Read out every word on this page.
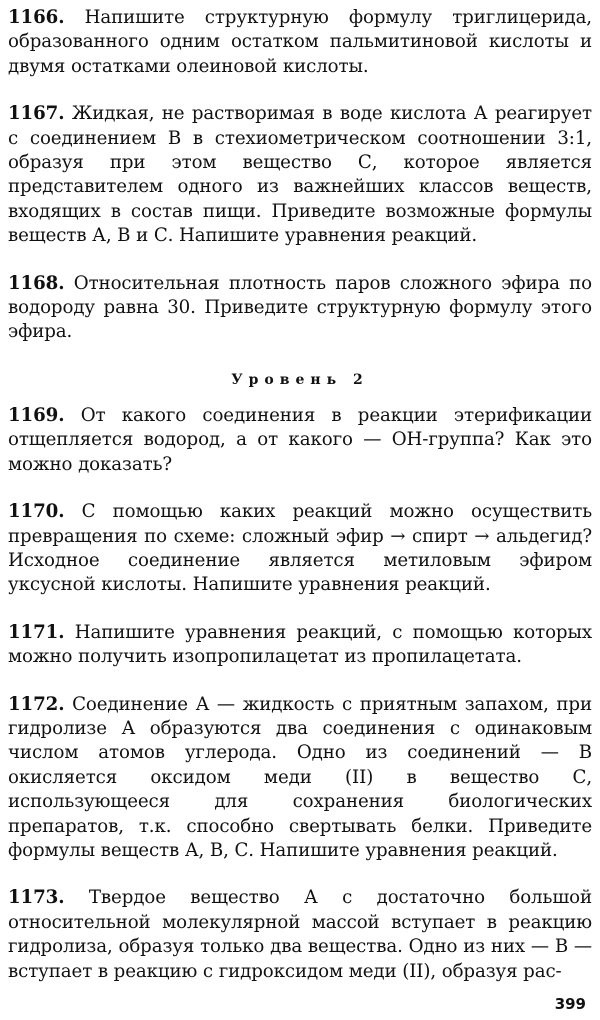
1166. Напишите структурную формулу триглицерида, образованного одним остатком пальмитиновой кислоты и двумя остатками олеиновой кислоты.

1167. Жидкая, не растворимая в воде кислота А реагирует с соединением В в стехиометрическом соотношении 3:1, образуя при этом вещество С, которое является представителем одного из важнейших классов веществ, входящих в состав пищи. Приведите возможные формулы веществ А, В и С. Напишите уравнения реакций.

1168. Относительная плотность паров сложного эфира по водороду равна 30. Приведите структурную формулу этого эфира.

Уровень 2

1169. От какого соединения в реакции этерификации отщепляется водород, а от какого — ОН-группа? Как это можно доказать?

1170. С помощью каких реакций можно осуществить превращения по схеме: сложный эфир → спирт → альдегид? Исходное соединение является метиловым эфиром уксусной кислоты. Напишите уравнения реакций.

1171. Напишите уравнения реакций, с помощью которых можно получить изопропилацетат из пропилацетата.

1172. Соединение А — жидкость с приятным запахом, при гидролизе А образуются два соединения с одинаковым числом атомов углерода. Одно из соединений — В окисляется оксидом меди (II) в вещество С, использующееся для сохранения биологических препаратов, т.к. способно свертывать белки. Приведите формулы веществ А, В, С. Напишите уравнения реакций.

1173. Твердое вещество А с достаточно большой относительной молекулярной массой вступает в реакцию гидролиза, образуя только два вещества. Одно из них — В — вступает в реакцию с гидроксидом меди (II), образуя рас-

399
